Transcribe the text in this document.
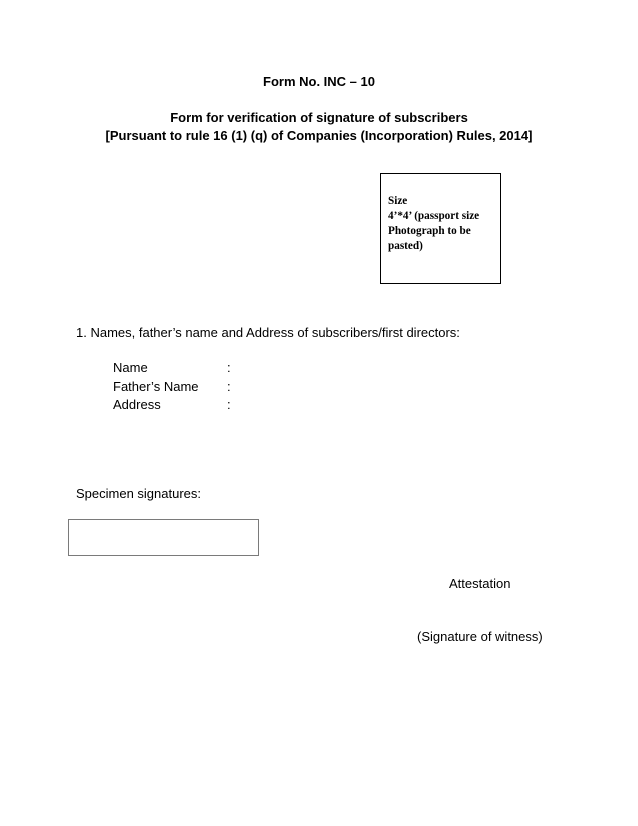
Form No. INC – 10
Form for verification of signature of subscribers
[Pursuant to rule 16 (1) (q) of Companies (Incorporation) Rules, 2014]
Size
4’*4’ (passport size
Photograph to be
pasted)
1. Names, father’s name and Address of subscribers/first directors:
Name	:
Father’s Name :
Address	:
Specimen signatures:
Attestation
(Signature of witness)
